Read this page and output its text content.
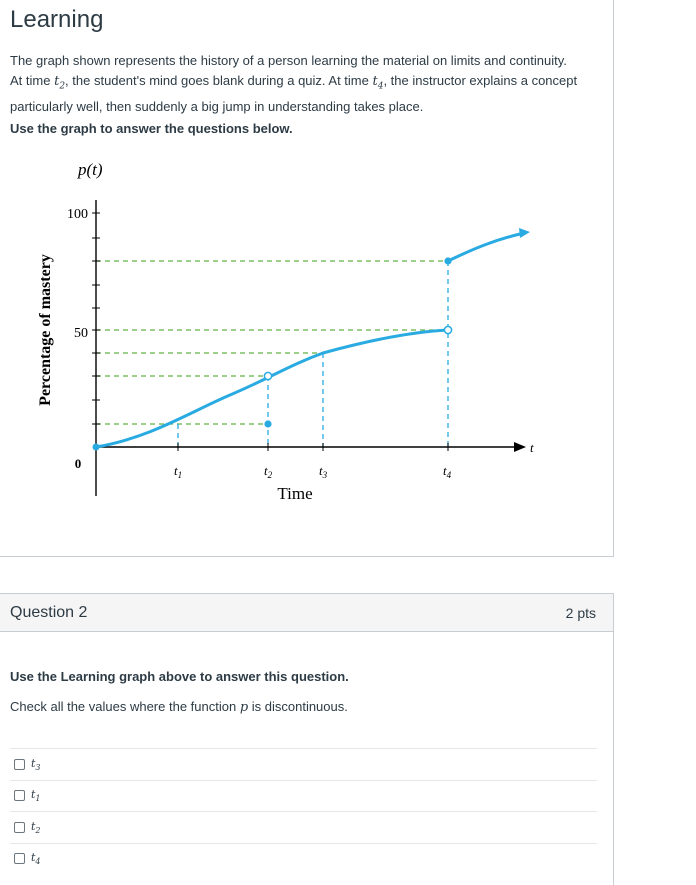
Learning
The graph shown represents the history of a person learning the material on limits and continuity.
At time $t_2$, the student's mind goes blank during a quiz. At time $t_4$, the instructor explains a concept
particularly well, then suddenly a big jump in understanding takes place.
Use the graph to answer the questions below.
100
50
0
p(t)
Percentage of mastery
Time
t
$t_1$	$t_2$	$t_3$	$t_4$
Question 2	2 pts
Use the Learning graph above to answer this question.
Check all the values where the function p is discontinuous.
$t_3$
$t_1$
$t_2$
$t_4$
